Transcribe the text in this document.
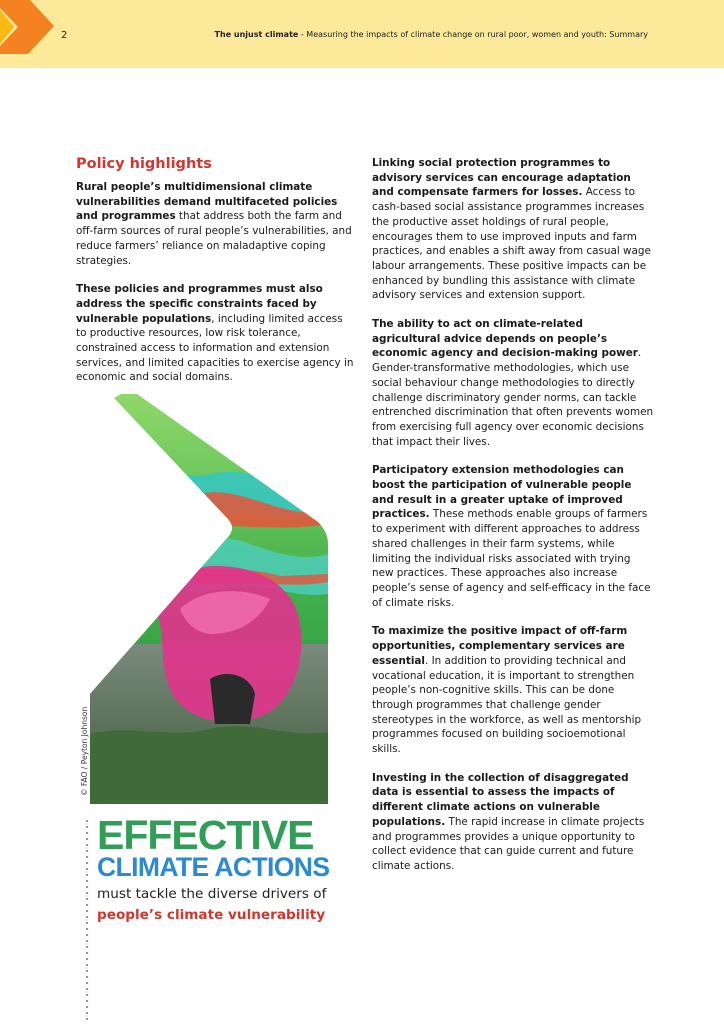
2	The unjust climate - Measuring the impacts of climate change on rural poor, women and youth: Summary
Policy highlights

Rural people’s multidimensional climate vulnerabilities demand multifaceted policies and programmes that address both the farm and off-farm sources of rural people’s vulnerabilities, and reduce farmers’ reliance on maladaptive coping strategies.

These policies and programmes must also address the specific constraints faced by vulnerable populations, including limited access to productive resources, low risk tolerance, constrained access to information and extension services, and limited capacities to exercise agency in economic and social domains.

Linking social protection programmes to advisory services can encourage adaptation and compensate farmers for losses. Access to cash-based social assistance programmes increases the productive asset holdings of rural people, encourages them to use improved inputs and farm practices, and enables a shift away from casual wage labour arrangements. These positive impacts can be enhanced by bundling this assistance with climate advisory services and extension support.

The ability to act on climate-related agricultural advice depends on people’s economic agency and decision-making power. Gender-transformative methodologies, which use social behaviour change methodologies to directly challenge discriminatory gender norms, can tackle entrenched discrimination that often prevents women from exercising full agency over economic decisions that impact their lives.

Participatory extension methodologies can boost the participation of vulnerable people and result in a greater uptake of improved practices. These methods enable groups of farmers to experiment with different approaches to address shared challenges in their farm systems, while limiting the individual risks associated with trying new practices. These approaches also increase people’s sense of agency and self-efficacy in the face of climate risks.

To maximize the positive impact of off-farm opportunities, complementary services are essential. In addition to providing technical and vocational education, it is important to strengthen people’s non-cognitive skills. This can be done through programmes that challenge gender stereotypes in the workforce, as well as mentorship programmes focused on building socioemotional skills.

Investing in the collection of disaggregated data is essential to assess the impacts of different climate actions on vulnerable populations. The rapid increase in climate projects and programmes provides a unique opportunity to collect evidence that can guide current and future climate actions.

© FAO / Peyton Johnson
EFFECTIVE
CLIMATE ACTIONS
must tackle the diverse drivers of
people’s climate vulnerability
